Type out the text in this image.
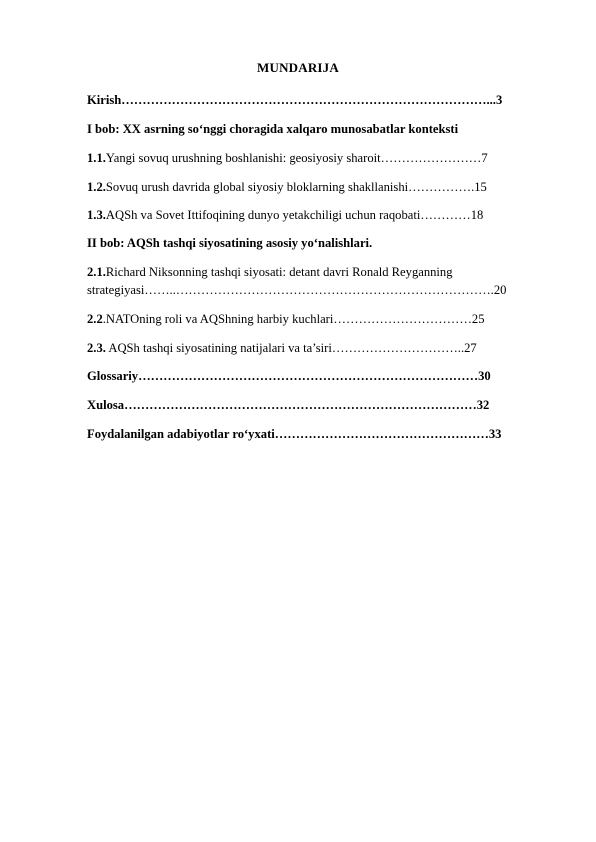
MUNDARIJA
Kirish……………………………………………………………………………...3
I bob: XX asrning so‘nggi choragida xalqaro munosabatlar konteksti
1.1.Yangi sovuq urushning boshlanishi: geosiyosiy sharoit……………………7
1.2.Sovuq urush davrida global siyosiy bloklarning shakllanishi…………….15
1.3.AQSh va Sovet Ittifoqining dunyo yetakchiligi uchun raqobati…………18
II bob: AQSh tashqi siyosatining asosiy yo‘nalishlari.
2.1.Richard Niksonning tashqi siyosati: detant davri Ronald Reyganning
strategiyasi……..………………………………………………………………….20
2.2.NATOning roli va AQShning harbiy kuchlari……………………………25
2.3. AQSh tashqi siyosatining natijalari va ta’siri…………………………..27
Glossariy………………………………………………………………………30
Xulosa…………………………………………………………………………32
Foydalanilgan adabiyotlar ro‘yxati……………………………………………33
